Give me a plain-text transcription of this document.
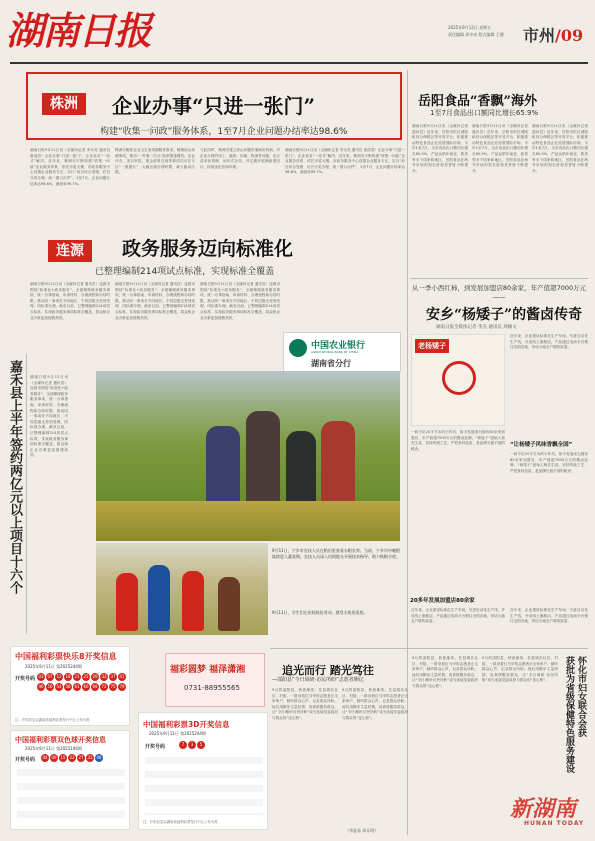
湖南日报	2025年9月12日 星期五
责任编辑 周冬亮 版式编辑 王健 市州/09
株洲	企业办事“只进一张门”
构建“收集一问政”服务体系，1至7月企业问题办结率达98.6%
湖南日报9月11日讯（全媒体记者 李永亮 通讯员 唐清清）企业办事“只进一张门”，企业诉求“一站式”解决。近年来，株洲市不断构建“收集一问政”企业服务体系，依托市委大楼、市政务服务中心设置企业服务专区，实行“前台综合受理、后台分类办理、统一窗口出件”。1至7月，企业问题办结率达98.6%，满意率99.7%。
株洲市聚焦企业全生命周期服务需求，梳理涉企高频事项，推动“一件事一次办”改革提速增效。企业开办、项目审批、惠企政策兑现等事项均可在专区“一窗通办”，大幅压缩办理时限、减少跑动次数。
与此同时，株洲市建立涉企问题快速响应机制，对企业反映的用工、融资、用地、物流等问题，实行清单化管理、闭环式办结，并定期开展满意度回访，持续优化营商环境。
湖南日报9月11日讯（全媒体记者 李永亮 通讯员 唐清清）企业办事“只进一张门”，企业诉求“一站式”解决。近年来，株洲市不断构建“收集一问政”企业服务体系，依托市委大楼、市政务服务中心设置企业服务专区，实行“前台综合受理、后台分类办理、统一窗口出件”。1至7月，企业问题办结率达98.6%，满意率99.7%。
连源	政务服务迈向标准化
已整理编制214项试点标准，实现标准全覆盖
湖南日报9月11日讯（全媒体记者 通讯员）连源市围绕“标准化+政务服务”，全面梳理政务服务事项，统一办事指南、申请材料、办理流程和办结时限，推动同一事项在不同地区、不同层级无差别受理、同标准办理。截至目前，已整理编制214项试点标准，实现政务服务事项标准全覆盖，群众和企业办事更加便捷高效。
湖南日报9月11日讯（全媒体记者 通讯员）连源市围绕“标准化+政务服务”，全面梳理政务服务事项，统一办事指南、申请材料、办理流程和办结时限，推动同一事项在不同地区、不同层级无差别受理、同标准办理。截至目前，已整理编制214项试点标准，实现政务服务事项标准全覆盖，群众和企业办事更加便捷高效。
湖南日报9月11日讯（全媒体记者 通讯员）连源市围绕“标准化+政务服务”，全面梳理政务服务事项，统一办事指南、申请材料、办理流程和办结时限，推动同一事项在不同地区、不同层级无差别受理、同标准办理。截至目前，已整理编制214项试点标准，实现政务服务事项标准全覆盖，群众和企业办事更加便捷高效。
中国农业银行
AGRICULTURAL BANK OF CHINA
湖南省分行
嘉禾县上半年签约两亿元以上项目十六个 湖南日报9月11日讯（全媒体记者 通讯员）连源市围绕“标准化+政务服务”，全面梳理政务服务事项，统一办事指南、申请材料、办理流程和办结时限，推动同一事项在不同地区、不同层级无差别受理、同标准办理。截至目前，已整理编制214项试点标准，实现政务服务事项标准全覆盖，群众和企业办事更加便捷高效。
9月11日，宁乡市农技人员在稻田里查看水稻长势。当前，宁乡市中晚稻陆续进入灌浆期，农技人员深入田间地头开展技术指导，助力秋粮丰收。
9月11日，学生们在田间体验劳动，感受丰收的喜悦。
岳阳食品“香飘”海外
1至7月食品出口额同比增长65.9%
湖南日报9月11日讯（全媒体记者 通讯员）近年来，岳阳市依托城陵矶综合保税区等开放平台，积极推动特色食品企业拓展国际市场。今年1至7月，全市食品出口额同比增长65.9%，产品远销东南亚、欧美等多个国家和地区，岳阳食品在海外市场的知名度和美誉度不断提升。
湖南日报9月11日讯（全媒体记者 通讯员）近年来，岳阳市依托城陵矶综合保税区等开放平台，积极推动特色食品企业拓展国际市场。今年1至7月，全市食品出口额同比增长65.9%，产品远销东南亚、欧美等多个国家和地区，岳阳食品在海外市场的知名度和美誉度不断提升。
湖南日报9月11日讯（全媒体记者 通讯员）近年来，岳阳市依托城陵矶综合保税区等开放平台，积极推动特色食品企业拓展国际市场。今年1至7月，全市食品出口额同比增长65.9%，产品远销东南亚、欧美等多个国家和地区，岳阳食品在海外市场的知名度和美誉度不断提升。
从一季小西红柿，到发展加盟店80余家，年产值超7000万元——
安乡“杨矮子”的酱卤传奇
湖南日报全媒体记者 李杰 通讯员 周楠文
老杨矮子
一间不足20平方米的小作坊，如今发展成为拥有80余家加盟店、年产值超7000万元的酱卤品牌。“杨矮子”创始人杨先生说，坚持传统工艺、严把食材品质，是品牌长盛不衰的秘诀。
近年来，企业建设标准化生产车间，引进自动化生产线，开设线上旗舰店，产品通过电商平台销往全国各地，带动当地农户增收致富。
“让杨矮子风味香飘全国”
一间不足20平方米的小作坊，如今发展成为拥有80余家加盟店、年产值超7000万元的酱卤品牌。“杨矮子”创始人杨先生说，坚持传统工艺、严把食材品质，是品牌长盛不衰的秘诀。
20多年发展加盟店80余家
近年来，企业建设标准化生产车间，引进自动化生产线，开设线上旗舰店，产品通过电商平台销往全国各地，带动当地农户增收致富。
近年来，企业建设标准化生产车间，引进自动化生产线，开设线上旗舰店，产品通过电商平台销往全国各地，带动当地农户增收致富。
追光而行 踏光笃往
—邵阳县“今日调研·访民所盼”志愿者侧记
9月的邵阳县，秋意渐浓。在县城各社区、村组，一群身着红马甲的志愿者正走家串户，倾听群众心声，记录群众所盼。他们用脚步丈量民情，用真情服务群众，让“今日调研·访民所盼”成为连接党委政府与群众的“连心桥”。
9月的邵阳县，秋意渐浓。在县城各社区、村组，一群身着红马甲的志愿者正走家串户，倾听群众心声，记录群众所盼。他们用脚步丈量民情，用真情服务群众，让“今日调研·访民所盼”成为连接党委政府与群众的“连心桥”。
9月的邵阳县，秋意渐浓。在县城各社区、村组，一群身着红马甲的志愿者正走家串户，倾听群众心声，记录群众所盼。他们用脚步丈量民情，用真情服务群众，让“今日调研·访民所盼”成为连接党委政府与群众的“连心桥”。
（李显易 周乐明）
9月的邵阳县，秋意渐浓。在县城各社区、村组，一群身着红马甲的志愿者正走家串户，倾听群众心声，记录群众所盼。他们用脚步丈量民情，用真情服务群众，让“今日调研·访民所盼”成为连接党委政府与群众的“连心桥”。	怀化市妇女联合会获
获批为省级保健特色服务建设
新湖南
HUNAN TODAY
中国福利彩票快乐8开奖信息
2025年9月11日 第2025244期
开奖号码 03 07 12 18 21 25 29 33 37 4146 50 54 58 61 66 69 72 75 79
注：开奖信息以湖南省福利彩票发行中心公布为准
中国福利彩票双色球开奖信息
2025年9月11日 第2025106期
开奖号码	04 09 15 22 27 31 08
福彩圆梦 福泽潇湘
0731-88955565
中国福利彩票3D开奖信息
2025年9月11日 第2025244期
开奖号码	7 3 5
注：开奖信息以湖南省福利彩票发行中心公布为准
